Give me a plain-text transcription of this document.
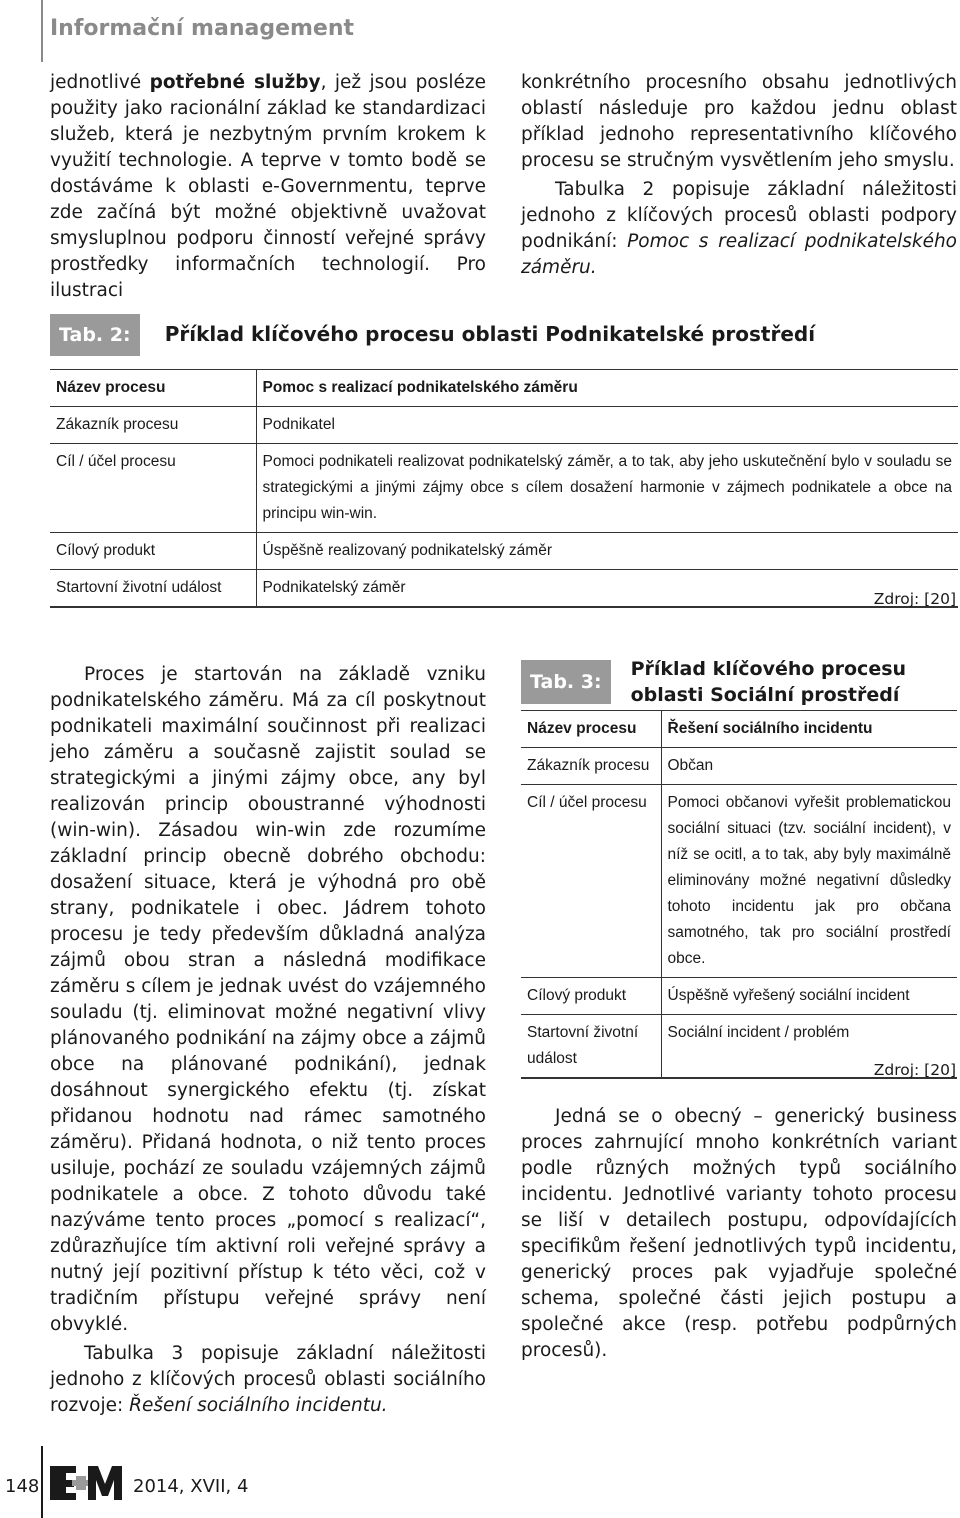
Informační management

jednotlivé potřebné služby, jež jsou posléze použity jako racionální základ ke standardizaci služeb, která je nezbytným prvním krokem k využití technologie. A teprve v tomto bodě se dostáváme k oblasti e-Governmentu, teprve zde začíná být možné objektivně uvažovat smysluplnou podporu činností veřejné správy prostředky informačních technologií. Pro ilustraci

konkrétního procesního obsahu jednotlivých oblastí následuje pro každou jednu oblast příklad jednoho representativního klíčového procesu se stručným vysvětlením jeho smyslu.

Tabulka 2 popisuje základní náležitosti jednoho z klíčových procesů oblasti podpory podnikání: Pomoc s realizací podnikatelského záměru.

Tab. 2: Příklad klíčového procesu oblasti Podnikatelské prostředí
Název procesu	Pomoc s realizací podnikatelského záměru
Zákazník procesu	Podnikatel
Cíl / účel procesu	Pomoci podnikateli realizovat podnikatelský záměr, a to tak, aby jeho uskutečnění bylo v souladu se strategickými a jinými zájmy obce s cílem dosažení harmonie v zájmech podnikatele a obce na principu win-win.
Cílový produkt	Úspěšně realizovaný podnikatelský záměr
Startovní životní událost	Podnikatelský záměr
Zdroj: [20]

Proces je startován na základě vzniku podnikatelského záměru. Má za cíl poskytnout podnikateli maximální součinnost při realizaci jeho záměru a současně zajistit soulad se strategickými a jinými zájmy obce, any byl realizován princip oboustranné výhodnosti (win-win). Zásadou win-win zde rozumíme základní princip obecně dobrého obchodu: dosažení situace, která je výhodná pro obě strany, podnikatele i obec. Jádrem tohoto procesu je tedy především důkladná analýza zájmů obou stran a následná modifikace záměru s cílem je jednak uvést do vzájemného souladu (tj. eliminovat možné negativní vlivy plánovaného podnikání na zájmy obce a zájmů obce na plánované podnikání), jednak dosáhnout synergického efektu (tj. získat přidanou hodnotu nad rámec samotného záměru). Přidaná hodnota, o niž tento proces usiluje, pochází ze souladu vzájemných zájmů podnikatele a obce. Z tohoto důvodu také nazýváme tento proces „pomocí s realizací“, zdůrazňujíce tím aktivní roli veřejné správy a nutný její pozitivní přístup k této věci, což v tradičním přístupu veřejné správy není obvyklé.

Tabulka 3 popisuje základní náležitosti jednoho z klíčových procesů oblasti sociálního rozvoje: Řešení sociálního incidentu.

Tab. 3:
Příklad klíčového procesu oblasti Sociální prostředí
Název procesu	Řešení sociálního incidentu
Zákazník procesu	Občan
Cíl / účel procesu	Pomoci občanovi vyřešit problematickou sociální situaci (tzv. sociální incident), v níž se ocitl, a to tak, aby byly maximálně eliminovány možné negativní důsledky tohoto incidentu jak pro občana samotného, tak pro sociální prostředí obce.
Cílový produkt	Úspěšně vyřešený sociální incident
Startovní životní událost	Sociální incident / problém
Zdroj: [20]

Jedná se o obecný – generický business proces zahrnující mnoho konkrétních variant podle různých možných typů sociálního incidentu. Jednotlivé varianty tohoto procesu se liší v detailech postupu, odpovídajících specifikům řešení jednotlivých typů incidentu, generický proces pak vyjadřuje společné schema, společné části jejich postupu a společné akce (resp. potřebu podpůrných procesů).

148	2014, XVII, 4
